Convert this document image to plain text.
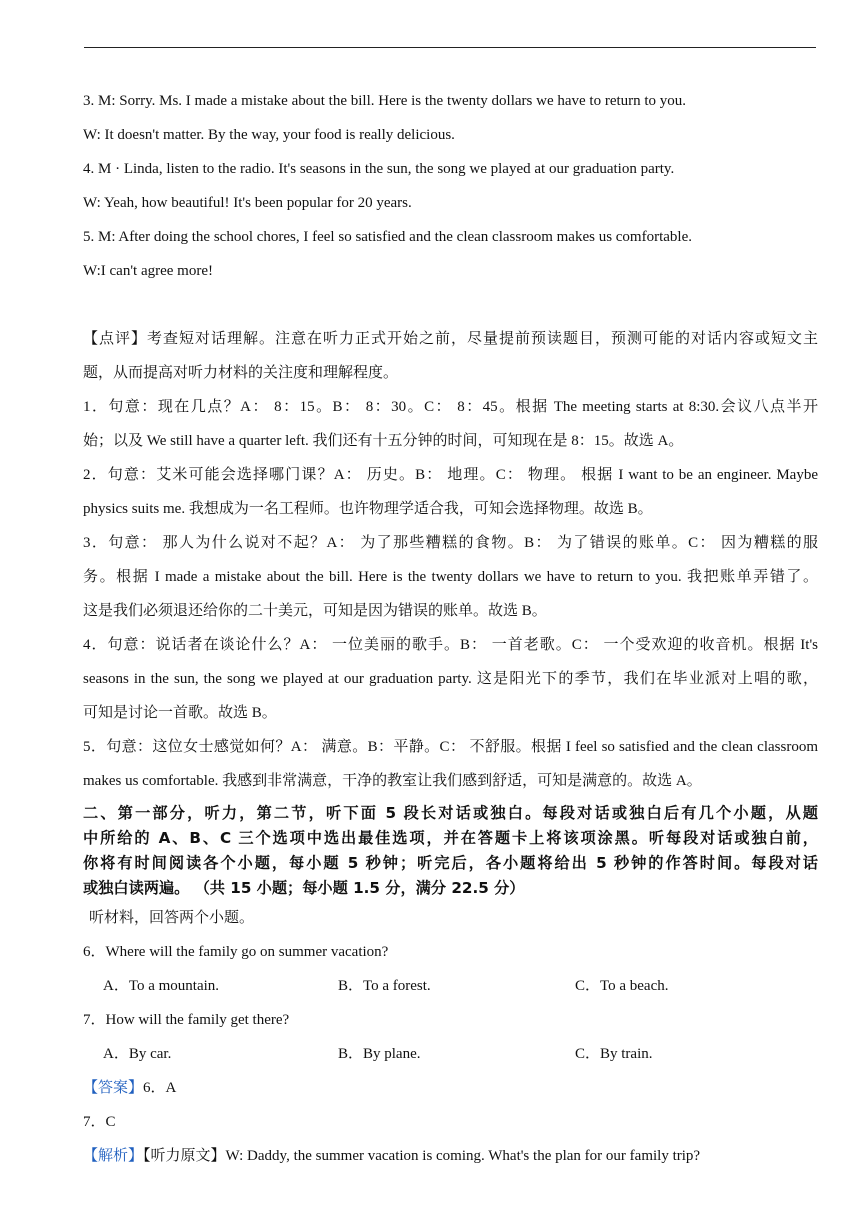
3. M: Sorry. Ms. I made a mistake about the bill. Here is the twenty dollars we have to return to you.

W: It doesn't matter. By the way, your food is really delicious.

4. M · Linda, listen to the radio. It's seasons in the sun, the song we played at our graduation party.

W: Yeah, how beautiful! It's been popular for 20 years.

5. M: After doing the school chores, I feel so satisfied and the clean classroom makes us comfortable.

W:I can't agree more!

【点评】考查短对话理解。注意在听力正式开始之前，尽量提前预读题目，预测可能的对话内容或短文主

题，从而提高对听力材料的关注度和理解程度。

1．句意：现在几点？A： 8：15。B： 8：30。C： 8：45。根据 The meeting starts at 8:30.会议八点半开

始；以及 We still have a quarter left. 我们还有十五分钟的时间，可知现在是 8：15。故选 A。

2．句意：艾米可能会选择哪门课？A： 历史。B： 地理。C： 物理。 根据 I want to be an engineer. Maybe

physics suits me. 我想成为一名工程师。也许物理学适合我，可知会选择物理。故选 B。

3．句意： 那人为什么说对不起？A： 为了那些糟糕的食物。B： 为了错误的账单。C： 因为糟糕的服

务。根据 I made a mistake about the bill. Here is the twenty dollars we have to return to you. 我把账单弄错了。

这是我们必须退还给你的二十美元，可知是因为错误的账单。故选 B。

4．句意：说话者在谈论什么？A： 一位美丽的歌手。B： 一首老歌。C： 一个受欢迎的收音机。根据 It's

seasons in the sun, the song we played at our graduation party. 这是阳光下的季节，我们在毕业派对上唱的歌，

可知是讨论一首歌。故选 B。

5．句意：这位女士感觉如何？A： 满意。B：平静。C： 不舒服。根据 I feel so satisfied and the clean classroom

makes us comfortable. 我感到非常满意，干净的教室让我们感到舒适，可知是满意的。故选 A。

二、第一部分，听力，第二节，听下面 5 段长对话或独白。每段对话或独白后有几个小题，从题

中所给的 A、B、C 三个选项中选出最佳选项，并在答题卡上将该项涂黑。听每段对话或独白前，

你将有时间阅读各个小题，每小题 5 秒钟；听完后，各小题将给出 5 秒钟的作答时间。每段对话

或独白读两遍。 （共 15 小题；每小题 1.5 分，满分 22.5 分）

听材料，回答两个小题。

6．Where will the family go on summer vacation?

A．To a mountain.	B．To a forest.	C．To a beach.

7．How will the family get there?

A．By car.	B．By plane.	C．By train.

【答案】6．A

7．C

【解析】【听力原文】W: Daddy, the summer vacation is coming. What's the plan for our family trip?
